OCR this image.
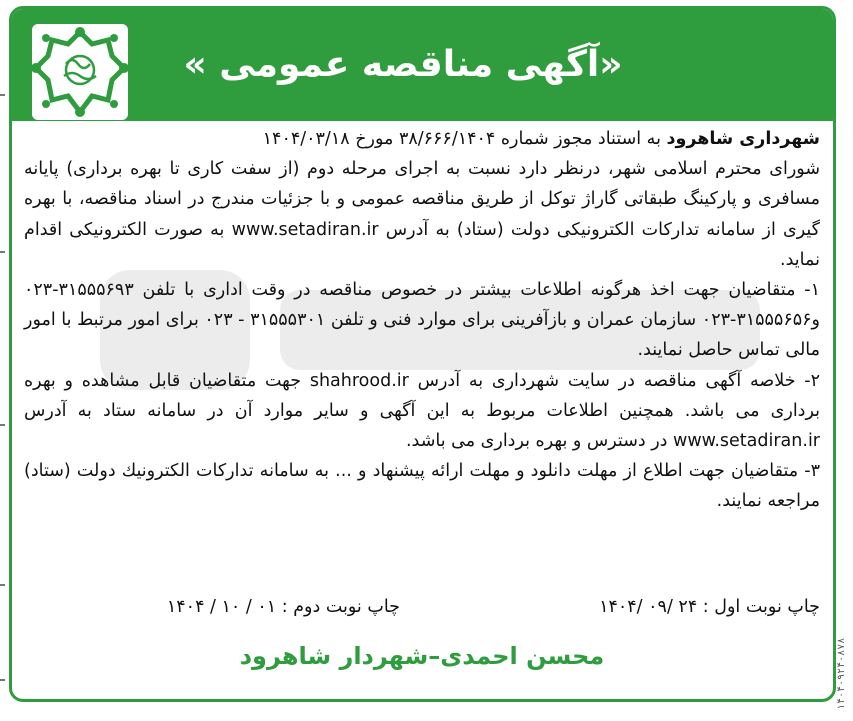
«آگهی مناقصه عمومی »

شهرداری شاهرود به استناد مجوز شماره ۳۸/۶۶۶/۱۴۰۴ مورخ ۱۴۰۴/۰۳/۱۸

شورای محترم اسلامی شهر، درنظر دارد نسبت به اجرای مرحله دوم (از سفت کاری تا بهره برداری) پایانه مسافری و پارکینگ طبقاتی گاراژ توکل از طریق مناقصه عمومی و با جزئیات مندرج در اسناد مناقصه، با بهره گیری از سامانه تدارکات الکترونیکی دولت (ستاد) به آدرس www.setadiran.ir به صورت الکترونیکی اقدام نماید.

۱- متقاضیان جهت اخذ هرگونه اطلاعات بیشتر در خصوص مناقصه در وقت اداری با تلفن ۳۱۵۵۵۶۹۳-۰۲۳ و۳۱۵۵۵۶۵۶-۰۲۳ سازمان عمران و بازآفرینی برای موارد فنی و تلفن ۳۱۵۵۵۳۰۱ - ۰۲۳ برای امور مرتبط با امور مالی تماس حاصل نمایند.

۲- خلاصه آگهی مناقصه در سایت شهرداری به آدرس shahrood.ir جهت متقاضیان قابل مشاهده و بهره برداری می باشد. همچنین اطلاعات مربوط به این آگهی و سایر موارد آن در سامانه ستاد به آدرس www.setadiran.ir در دسترس و بهره برداری می باشد.

۳- متقاضیان جهت اطلاع از مهلت دانلود و مهلت ارائه پیشنهاد و ... به سامانه تدارکات الکترونیك دولت (ستاد) مراجعه نمایند.

چاپ نوبت اول : ۲۴ /۰۹ /۱۴۰۴
چاپ نوبت دوم : ۰۱ / ۱۰ / ۱۴۰۴
محسن احمدی–شهردار شاهرود	۱۴۰۴۰۹۲۴۰۸۷۸
